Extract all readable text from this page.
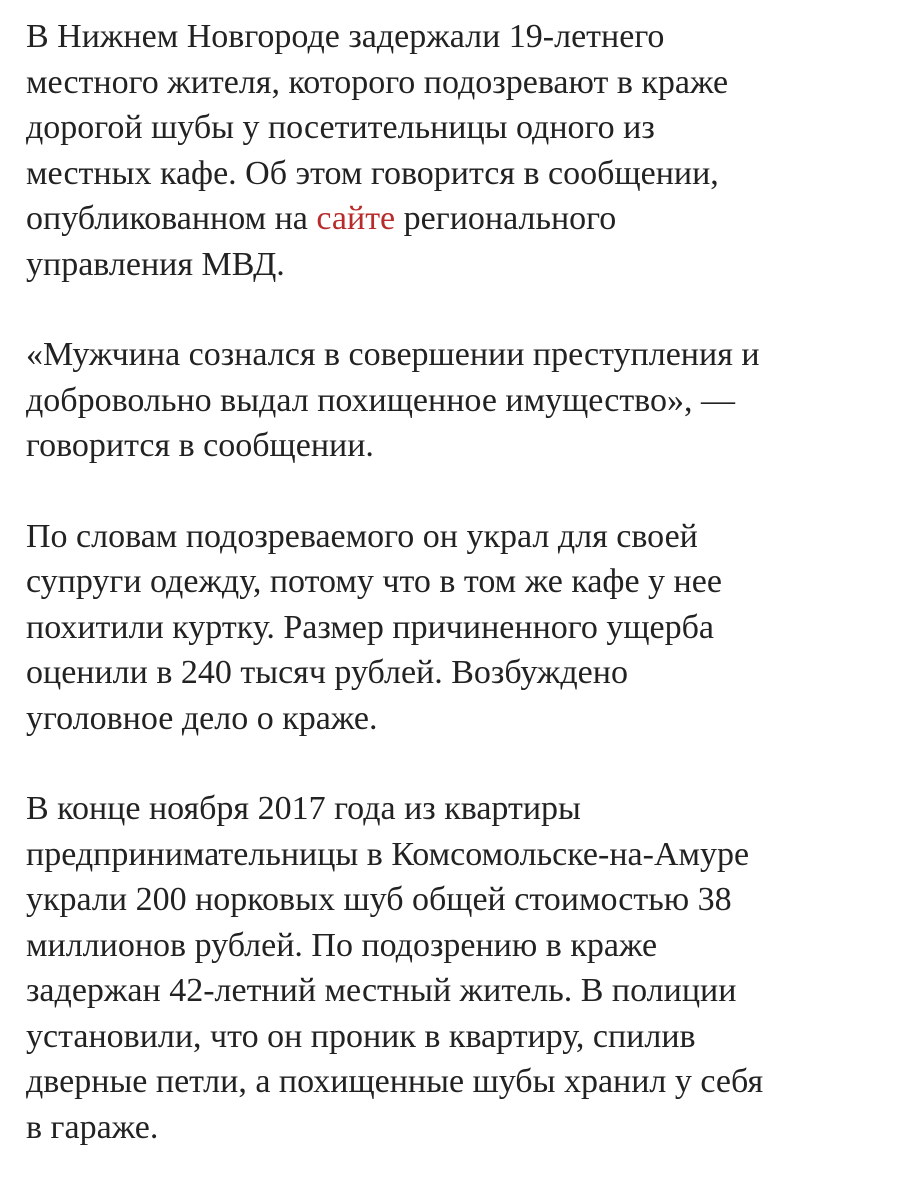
В Нижнем Новгороде задержали 19-летнего
местного жителя, которого подозревают в краже
дорогой шубы у посетительницы одного из
местных кафе. Об этом говорится в сообщении,
опубликованном на сайте регионального
управления МВД.

«Мужчина сознался в совершении преступления и
добровольно выдал похищенное имущество», —
говорится в сообщении.

По словам подозреваемого он украл для своей
супруги одежду, потому что в том же кафе у нее
похитили куртку. Размер причиненного ущерба
оценили в 240 тысяч рублей. Возбуждено
уголовное дело о краже.

В конце ноября 2017 года из квартиры
предпринимательницы в Комсомольске-на-Амуре
украли 200 норковых шуб общей стоимостью 38
миллионов рублей. По подозрению в краже
задержан 42-летний местный житель. В полиции
установили, что он проник в квартиру, спилив
дверные петли, а похищенные шубы хранил у себя
в гараже.
